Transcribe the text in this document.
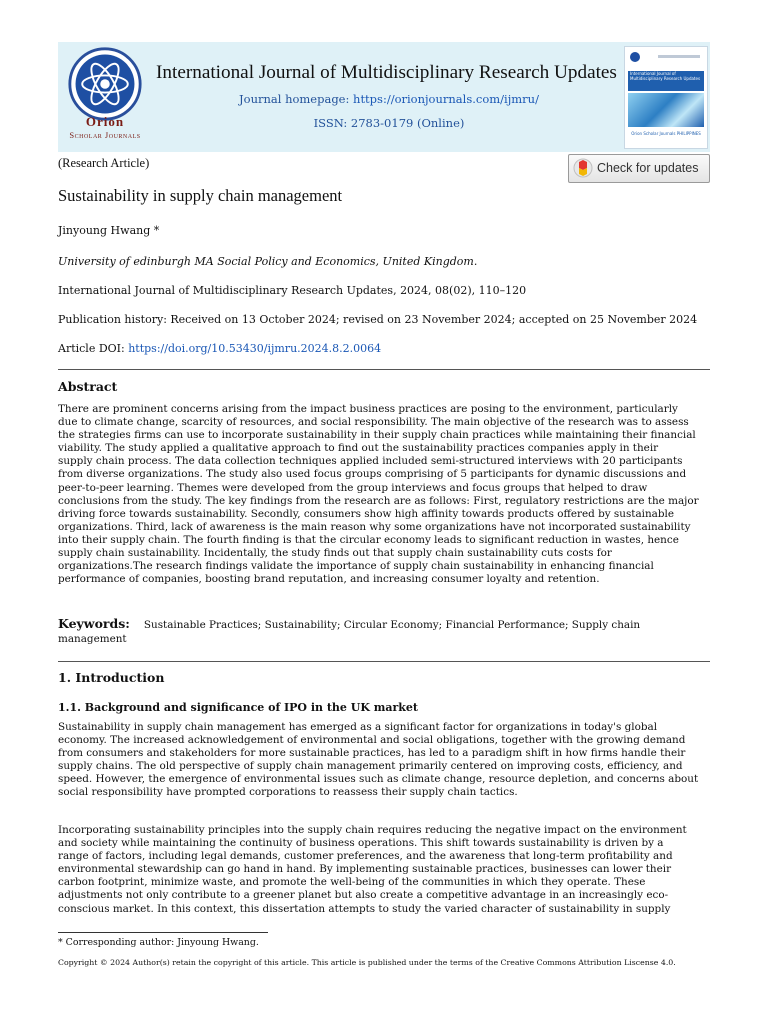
Orion
Scholar Journals
International Journal of Multidisciplinary Research Updates
Journal homepage: https://orionjournals.com/ijmru/
ISSN: 2783-0179 (Online)
International Journal of Multidisciplinary Research Updates
Orion Scholar Journals PHILIPPINES
(Research Article)	Check for updates
Sustainability in supply chain management
Jinyoung Hwang *
University of edinburgh MA Social Policy and Economics, United Kingdom.
International Journal of Multidisciplinary Research Updates, 2024, 08(02), 110–120
Publication history: Received on 13 October 2024; revised on 23 November 2024; accepted on 25 November 2024
Article DOI: https://doi.org/10.53430/ijmru.2024.8.2.0064
Abstract
There are prominent concerns arising from the impact business practices are posing to the environment, particularly
due to climate change, scarcity of resources, and social responsibility. The main objective of the research was to assess
the strategies firms can use to incorporate sustainability in their supply chain practices while maintaining their financial
viability. The study applied a qualitative approach to find out the sustainability practices companies apply in their
supply chain process. The data collection techniques applied included semi-structured interviews with 20 participants
from diverse organizations. The study also used focus groups comprising of 5 participants for dynamic discussions and
peer-to-peer learning. Themes were developed from the group interviews and focus groups that helped to draw
conclusions from the study. The key findings from the research are as follows: First, regulatory restrictions are the major
driving force towards sustainability. Secondly, consumers show high affinity towards products offered by sustainable
organizations. Third, lack of awareness is the main reason why some organizations have not incorporated sustainability
into their supply chain. The fourth finding is that the circular economy leads to significant reduction in wastes, hence
supply chain sustainability. Incidentally, the study finds out that supply chain sustainability cuts costs for
organizations.The research findings validate the importance of supply chain sustainability in enhancing financial
performance of companies, boosting brand reputation, and increasing consumer loyalty and retention.
Keywords: Sustainable Practices; Sustainability; Circular Economy; Financial Performance; Supply chain management
1. Introduction
1.1. Background and significance of IPO in the UK market
Sustainability in supply chain management has emerged as a significant factor for organizations in today's global
economy. The increased acknowledgement of environmental and social obligations, together with the growing demand
from consumers and stakeholders for more sustainable practices, has led to a paradigm shift in how firms handle their
supply chains. The old perspective of supply chain management primarily centered on improving costs, efficiency, and
speed. However, the emergence of environmental issues such as climate change, resource depletion, and concerns about
social responsibility have prompted corporations to reassess their supply chain tactics.
Incorporating sustainability principles into the supply chain requires reducing the negative impact on the environment
and society while maintaining the continuity of business operations. This shift towards sustainability is driven by a
range of factors, including legal demands, customer preferences, and the awareness that long-term profitability and
environmental stewardship can go hand in hand. By implementing sustainable practices, businesses can lower their
carbon footprint, minimize waste, and promote the well-being of the communities in which they operate. These
adjustments not only contribute to a greener planet but also create a competitive advantage in an increasingly eco-
conscious market. In this context, this dissertation attempts to study the varied character of sustainability in supply
* Corresponding author: Jinyoung Hwang.
Copyright © 2024 Author(s) retain the copyright of this article. This article is published under the terms of the Creative Commons Attribution Liscense 4.0.
